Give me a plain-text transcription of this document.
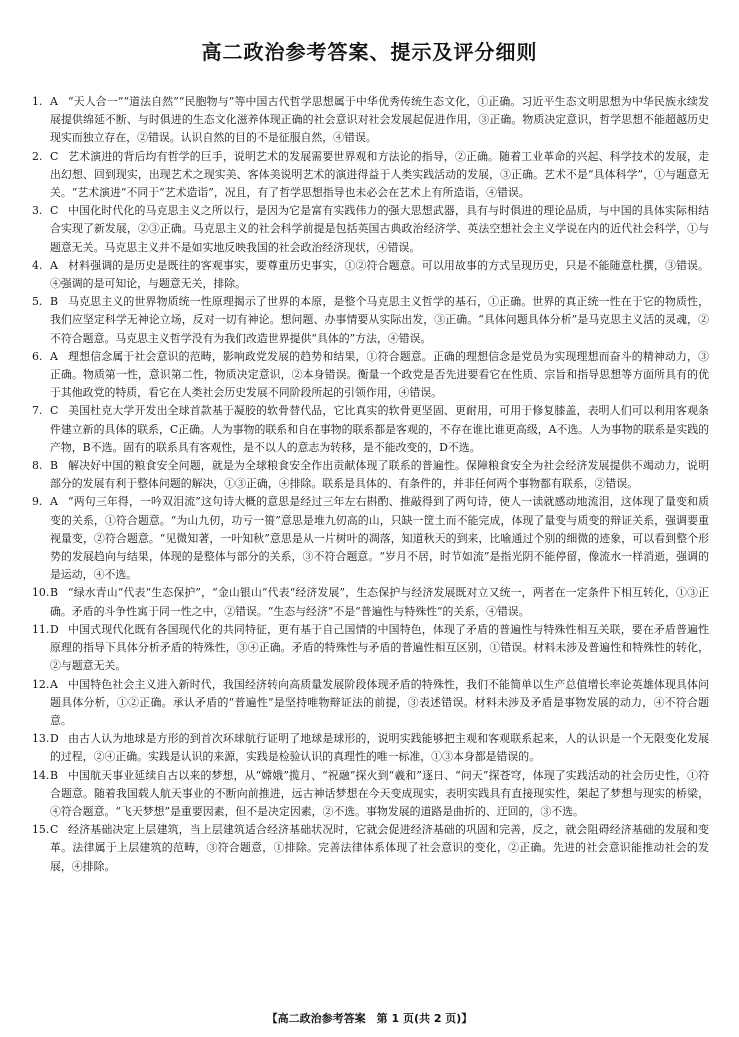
高二政治参考答案、提示及评分细则

1. A “天人合一”“道法自然”“民胞物与”等中国古代哲学思想属于中华优秀传统生态文化，①正确。习近平生态文明思想为中华民族永续发展提供绵延不断、与时俱进的生态文化滋养体现正确的社会意识对社会发展起促进作用，③正确。物质决定意识，哲学思想不能超越历史现实而独立存在，②错误。认识自然的目的不是征服自然，④错误。

2. C 艺术演进的背后均有哲学的巨手，说明艺术的发展需要世界观和方法论的指导，②正确。随着工业革命的兴起、科学技术的发展，走出幻想、回到现实，出现艺术之现实美、客体美说明艺术的演进得益于人类实践活动的发展，③正确。艺术不是“具体科学”，①与题意无关。“艺术演进”不同于“艺术造诣”，况且，有了哲学思想指导也未必会在艺术上有所造诣，④错误。

3. C 中国化时代化的马克思主义之所以行，是因为它是富有实践伟力的强大思想武器，具有与时俱进的理论品质，与中国的具体实际相结合实现了新发展，②③正确。马克思主义的社会科学前提是包括英国古典政治经济学、英法空想社会主义学说在内的近代社会科学，①与题意无关。马克思主义并不是如实地反映我国的社会政治经济现状，④错误。

4. A 材料强调的是历史是既往的客观事实，要尊重历史事实，①②符合题意。可以用故事的方式呈现历史，只是不能随意杜撰，③错误。④强调的是可知论，与题意无关，排除。

5. B 马克思主义的世界物质统一性原理揭示了世界的本原，是整个马克思主义哲学的基石，①正确。世界的真正统一性在于它的物质性，我们应坚定科学无神论立场，反对一切有神论。想问题、办事情要从实际出发，③正确。“具体问题具体分析”是马克思主义活的灵魂，②不符合题意。马克思主义哲学没有为我们改造世界提供“具体的”方法，④错误。

6. A 理想信念属于社会意识的范畴，影响政党发展的趋势和结果，①符合题意。正确的理想信念是党员为实现理想而奋斗的精神动力，③正确。物质第一性，意识第二性，物质决定意识，②本身错误。衡量一个政党是否先进要看它在性质、宗旨和指导思想等方面所具有的优于其他政党的特质，看它在人类社会历史发展不同阶段所起的引领作用，④错误。

7. C 美国杜克大学开发出全球首款基于凝胶的软骨替代品，它比真实的软骨更坚固、更耐用，可用于修复膝盖，表明人们可以利用客观条件建立新的具体的联系，C正确。人为事物的联系和自在事物的联系都是客观的，不存在谁比谁更高级，A不选。人为事物的联系是实践的产物，B不选。固有的联系具有客观性，是不以人的意志为转移，是不能改变的，D不选。

8. B 解决好中国的粮食安全问题，就是为全球粮食安全作出贡献体现了联系的普遍性。保障粮食安全为社会经济发展提供不竭动力，说明部分的发展有利于整体问题的解决，①③正确，④排除。联系是具体的、有条件的，并非任何两个事物都有联系，②错误。

9. A “两句三年得，一吟双泪流”这句诗大概的意思是经过三年左右斟酌、推敲得到了两句诗，使人一读就感动地流泪，这体现了量变和质变的关系，①符合题意。“为山九仞，功亏一篑”意思是堆九仞高的山，只缺一筐土而不能完成，体现了量变与质变的辩证关系，强调要重视量变，②符合题意。“见微知著，一叶知秋”意思是从一片树叶的凋落，知道秋天的到来，比喻通过个别的细微的迹象，可以看到整个形势的发展趋向与结果，体现的是整体与部分的关系，③不符合题意。“岁月不居，时节如流”是指光阴不能停留，像流水一样消逝，强调的是运动，④不选。

10.B “绿水青山”代表“生态保护”，“金山银山”代表“经济发展”，生态保护与经济发展既对立又统一，两者在一定条件下相互转化，①③正确。矛盾的斗争性寓于同一性之中，②错误。“生态与经济”不是“普遍性与特殊性”的关系，④错误。

11.D 中国式现代化既有各国现代化的共同特征，更有基于自己国情的中国特色，体现了矛盾的普遍性与特殊性相互关联，要在矛盾普遍性原理的指导下具体分析矛盾的特殊性，③④正确。矛盾的特殊性与矛盾的普遍性相互区别，①错误。材料未涉及普遍性和特殊性的转化，②与题意无关。

12.A 中国特色社会主义进入新时代，我国经济转向高质量发展阶段体现矛盾的特殊性，我们不能简单以生产总值增长率论英雄体现具体问题具体分析，①②正确。承认矛盾的“普遍性”是坚持唯物辩证法的前提，③表述错误。材料未涉及矛盾是事物发展的动力，④不符合题意。

13.D 由古人认为地球是方形的到首次环球航行证明了地球是球形的，说明实践能够把主观和客观联系起来，人的认识是一个无限变化发展的过程，②④正确。实践是认识的来源，实践是检验认识的真理性的唯一标准，①③本身都是错误的。

14.B 中国航天事业延续自古以来的梦想，从“嫦娥”揽月、“祝融”探火到“羲和”逐日、“问天”探苍穹，体现了实践活动的社会历史性，①符合题意。随着我国载人航天事业的不断向前推进，远古神话梦想在今天变成现实，表明实践具有直接现实性，架起了梦想与现实的桥梁，④符合题意。“飞天梦想”是重要因素，但不是决定因素，②不选。事物发展的道路是曲折的、迂回的，③不选。

15.C 经济基础决定上层建筑，当上层建筑适合经济基础状况时，它就会促进经济基础的巩固和完善，反之，就会阻碍经济基础的发展和变革。法律属于上层建筑的范畴，③符合题意，①排除。完善法律体系体现了社会意识的变化，②正确。先进的社会意识能推动社会的发展，④排除。

【高二政治参考答案　第 1 页(共 2 页)】
